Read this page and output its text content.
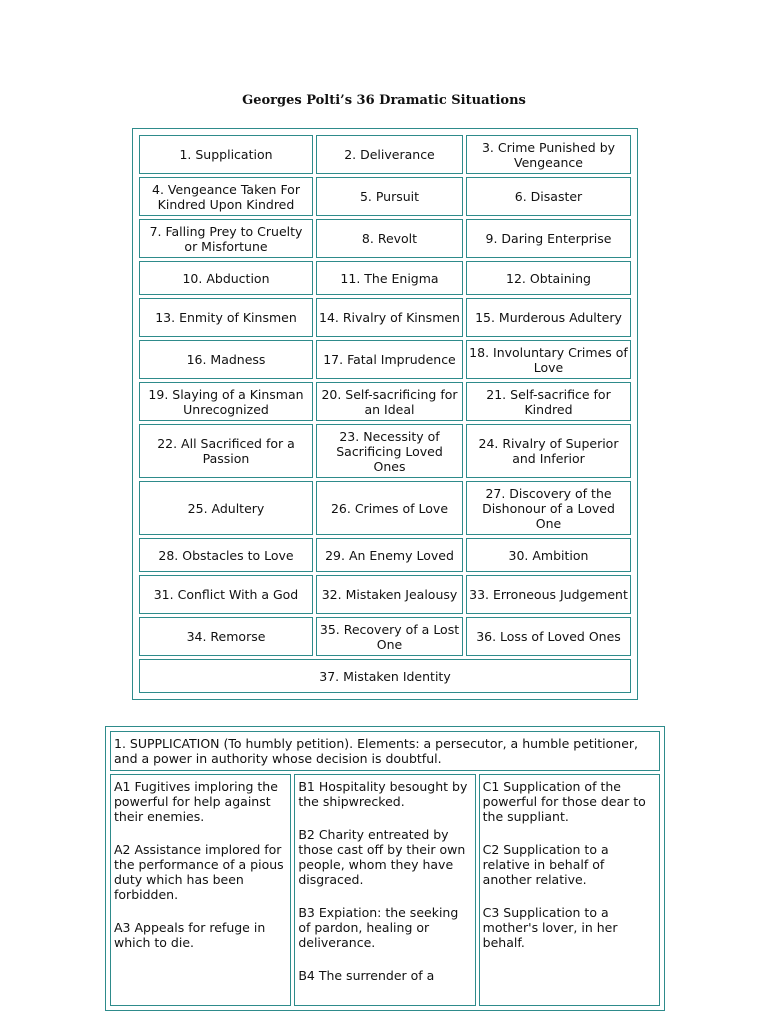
Georges Polti’s 36 Dramatic Situations
1. Supplication	2. Deliverance	3. Crime Punished by Vengeance
4. Vengeance Taken For Kindred Upon Kindred	5. Pursuit	6. Disaster
7. Falling Prey to Cruelty or Misfortune	8. Revolt	9. Daring Enterprise
10. Abduction	11. The Enigma	12. Obtaining
13. Enmity of Kinsmen	14. Rivalry of Kinsmen	15. Murderous Adultery
16. Madness	17. Fatal Imprudence	18. Involuntary Crimes of Love
19. Slaying of a Kinsman Unrecognized	20. Self-sacrificing for an Ideal	21. Self-sacrifice for Kindred
22. All Sacrificed for a Passion	23. Necessity of Sacrificing Loved Ones	24. Rivalry of Superior and Inferior
25. Adultery	26. Crimes of Love	27. Discovery of the Dishonour of a Loved One
28. Obstacles to Love	29. An Enemy Loved	30. Ambition
31. Conflict With a God	32. Mistaken Jealousy	33. Erroneous Judgement
34. Remorse	35. Recovery of a Lost One	36. Loss of Loved Ones
37. Mistaken Identity		
1. SUPPLICATION (To humbly petition). Elements: a persecutor, a humble petitioner, and a power in authority whose decision is doubtful.

A1 Fugitives imploring the powerful for help against their enemies.

A2 Assistance implored for the performance of a pious duty which has been forbidden.

A3 Appeals for refuge in which to die.

B1 Hospitality besought by the shipwrecked.

B2 Charity entreated by those cast off by their own people, whom they have disgraced.

B3 Expiation: the seeking of pardon, healing or deliverance.

B4 The surrender of a

C1 Supplication of the powerful for those dear to the suppliant.

C2 Supplication to a relative in behalf of another relative.

C3 Supplication to a mother's lover, in her behalf.
